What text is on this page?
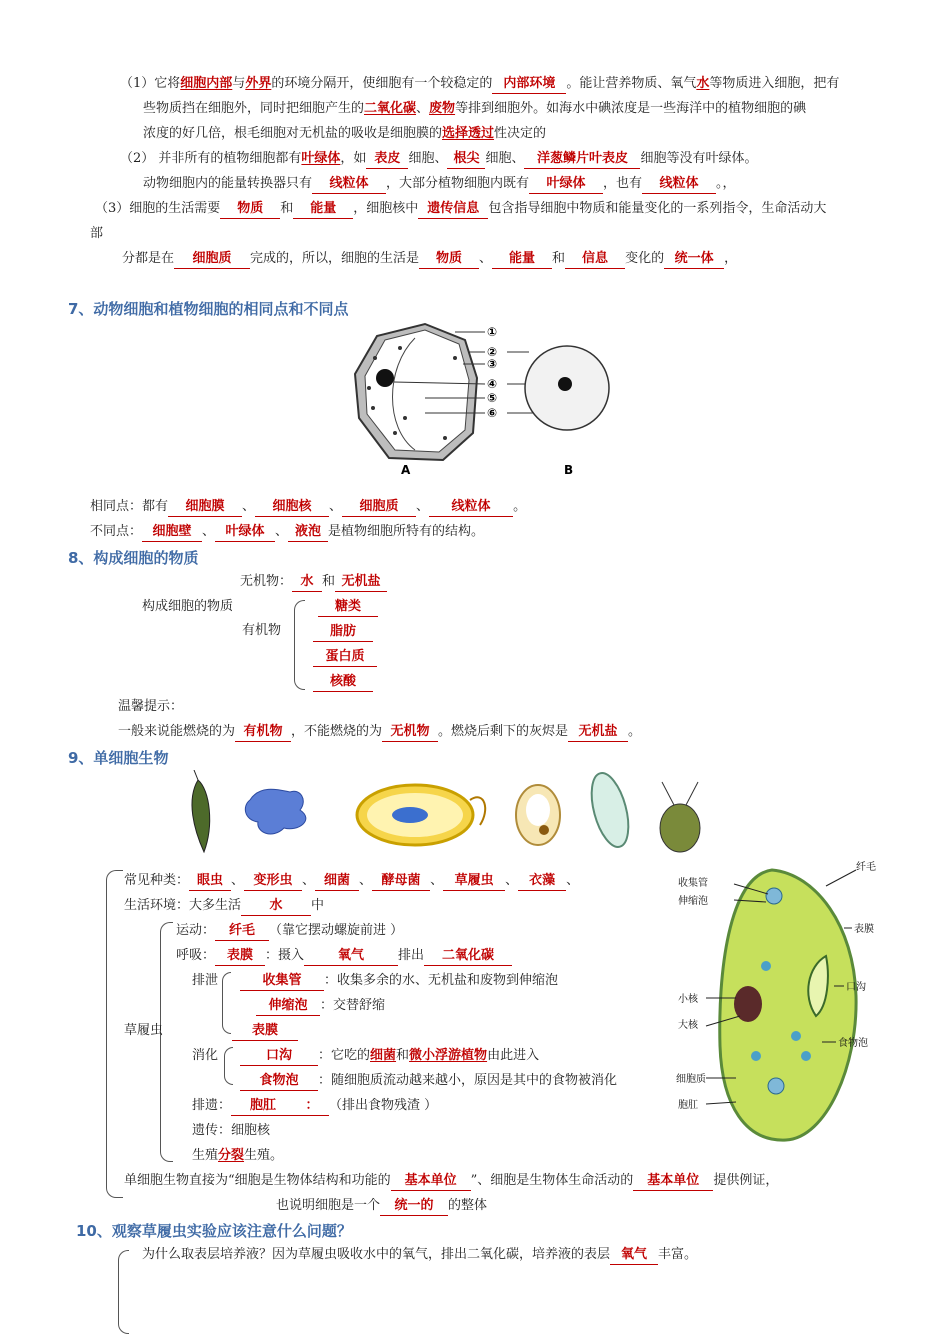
（1）它将细胞内部与外界的环境分隔开，使细胞有一个较稳定的 内部环境 。能让营养物质、氧气水等物质进入细胞，把有
些物质挡在细胞外，同时把细胞产生的二氧化碳、废物等排到细胞外。如海水中碘浓度是一些海洋中的植物细胞的碘
浓度的好几倍，根毛细胞对无机盐的吸收是细胞膜的选择透过性决定的
（2） 并非所有的植物细胞都有叶绿体，如 表皮 细胞、 根尖 细胞、 洋葱鳞片叶表皮 细胞等没有叶绿体。
动物细胞内的能量转换器只有 线粒体 ，大部分植物细胞内既有 叶绿体 ，也有 线粒体 。，
（3）细胞的生活需要 物质 和 能量 ，细胞核中 遗传信息 包含指导细胞中物质和能量变化的一系列指令，生命活动大
部
分都是在 细胞质 完成的，所以，细胞的生活是 物质 、 能量 和 信息 变化的 统一体 ，
7、动物细胞和植物细胞的相同点和不同点
①
②
③
④
⑤
⑥
A	B
相同点：都有 细胞膜 、 细胞核 、 细胞质 、 线粒体 。
不同点： 细胞壁 、 叶绿体 、 液泡 是植物细胞所特有的结构。
8、构成细胞的物质
无机物： 水 和 无机盐
构成细胞的物质
有机物
糖类
脂肪
蛋白质
核酸
温馨提示：
一般来说能燃烧的为 有机物 ，不能燃烧的为 无机物 。燃烧后剩下的灰烬是 无机盐 。
9、单细胞生物
常见种类： 眼虫 、 变形虫 、 细菌 、 酵母菌 、 草履虫 、 衣藻 、
生活环境：大多生活 水 中
草履虫
运动： 纤毛 （靠它摆动螺旋前进 ）
呼吸： 表膜 ：摄入	氧气	排出 二氧化碳
排泄	收集管 ：收集多余的水、无机盐和废物到伸缩泡
伸缩泡 ：交替舒缩
表膜
消化	口沟 ：它吃的细菌和微小浮游植物由此进入
食物泡 ：随细胞质流动越来越小，原因是其中的食物被消化
排遗： 胞肛 ： （排出食物残渣 ）
遗传：细胞核
生殖分裂生殖。
单细胞生物直接为“细胞是生物体结构和功能的 基本单位 ”、细胞是生物体生命活动的 基本单位 提供例证，
也说明细胞是一个 统一的 的整体
收集管
伸缩泡
纤毛
表膜
口沟
食物泡
小核
大核
细胞质
胞肛
10、观察草履虫实验应该注意什么问题？
为什么取表层培养液？因为草履虫吸收水中的氧气，排出二氧化碳，培养液的表层 氧气 丰富。
